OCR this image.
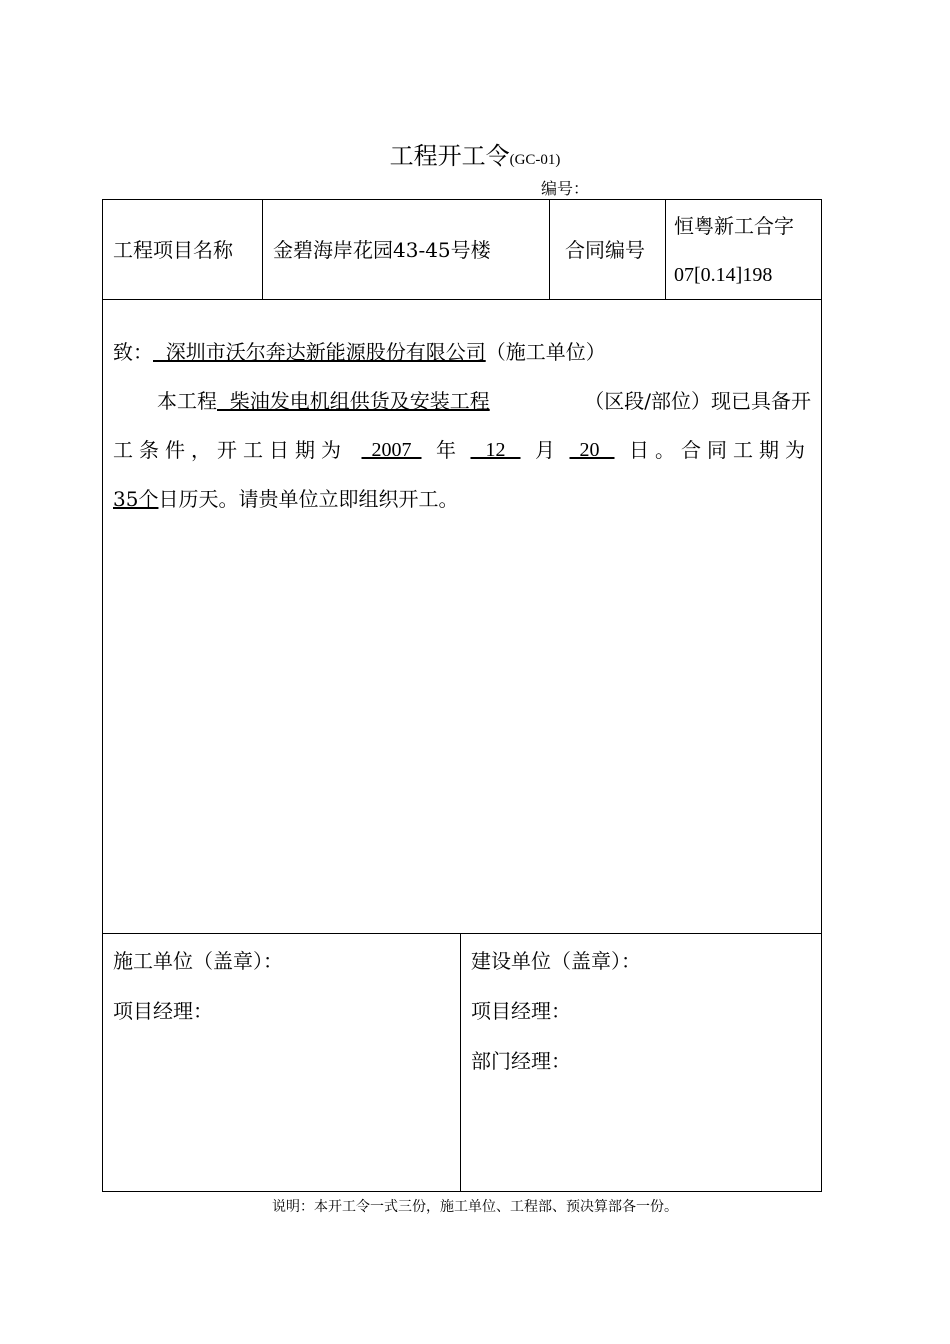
工程开工令(GC-01)
编号：
工程项目名称 金碧海岸花园43-45号楼	合同编号
恒粤新工合字
07[0.14]198
致：  深圳市沃尔奔达新能源股份有限公司（施工单位）
本工程  柴油发电机组供货及安装工程	（区段/部位）现已具备开
工条件，开工日期为 2007 年 12 月 20 日。合同工期为
35个日历天。请贵单位立即组织开工。
施工单位（盖章）：
项目经理：
建设单位（盖章）：
项目经理：
部门经理：
说明：本开工令一式三份，施工单位、工程部、预决算部各一份。
